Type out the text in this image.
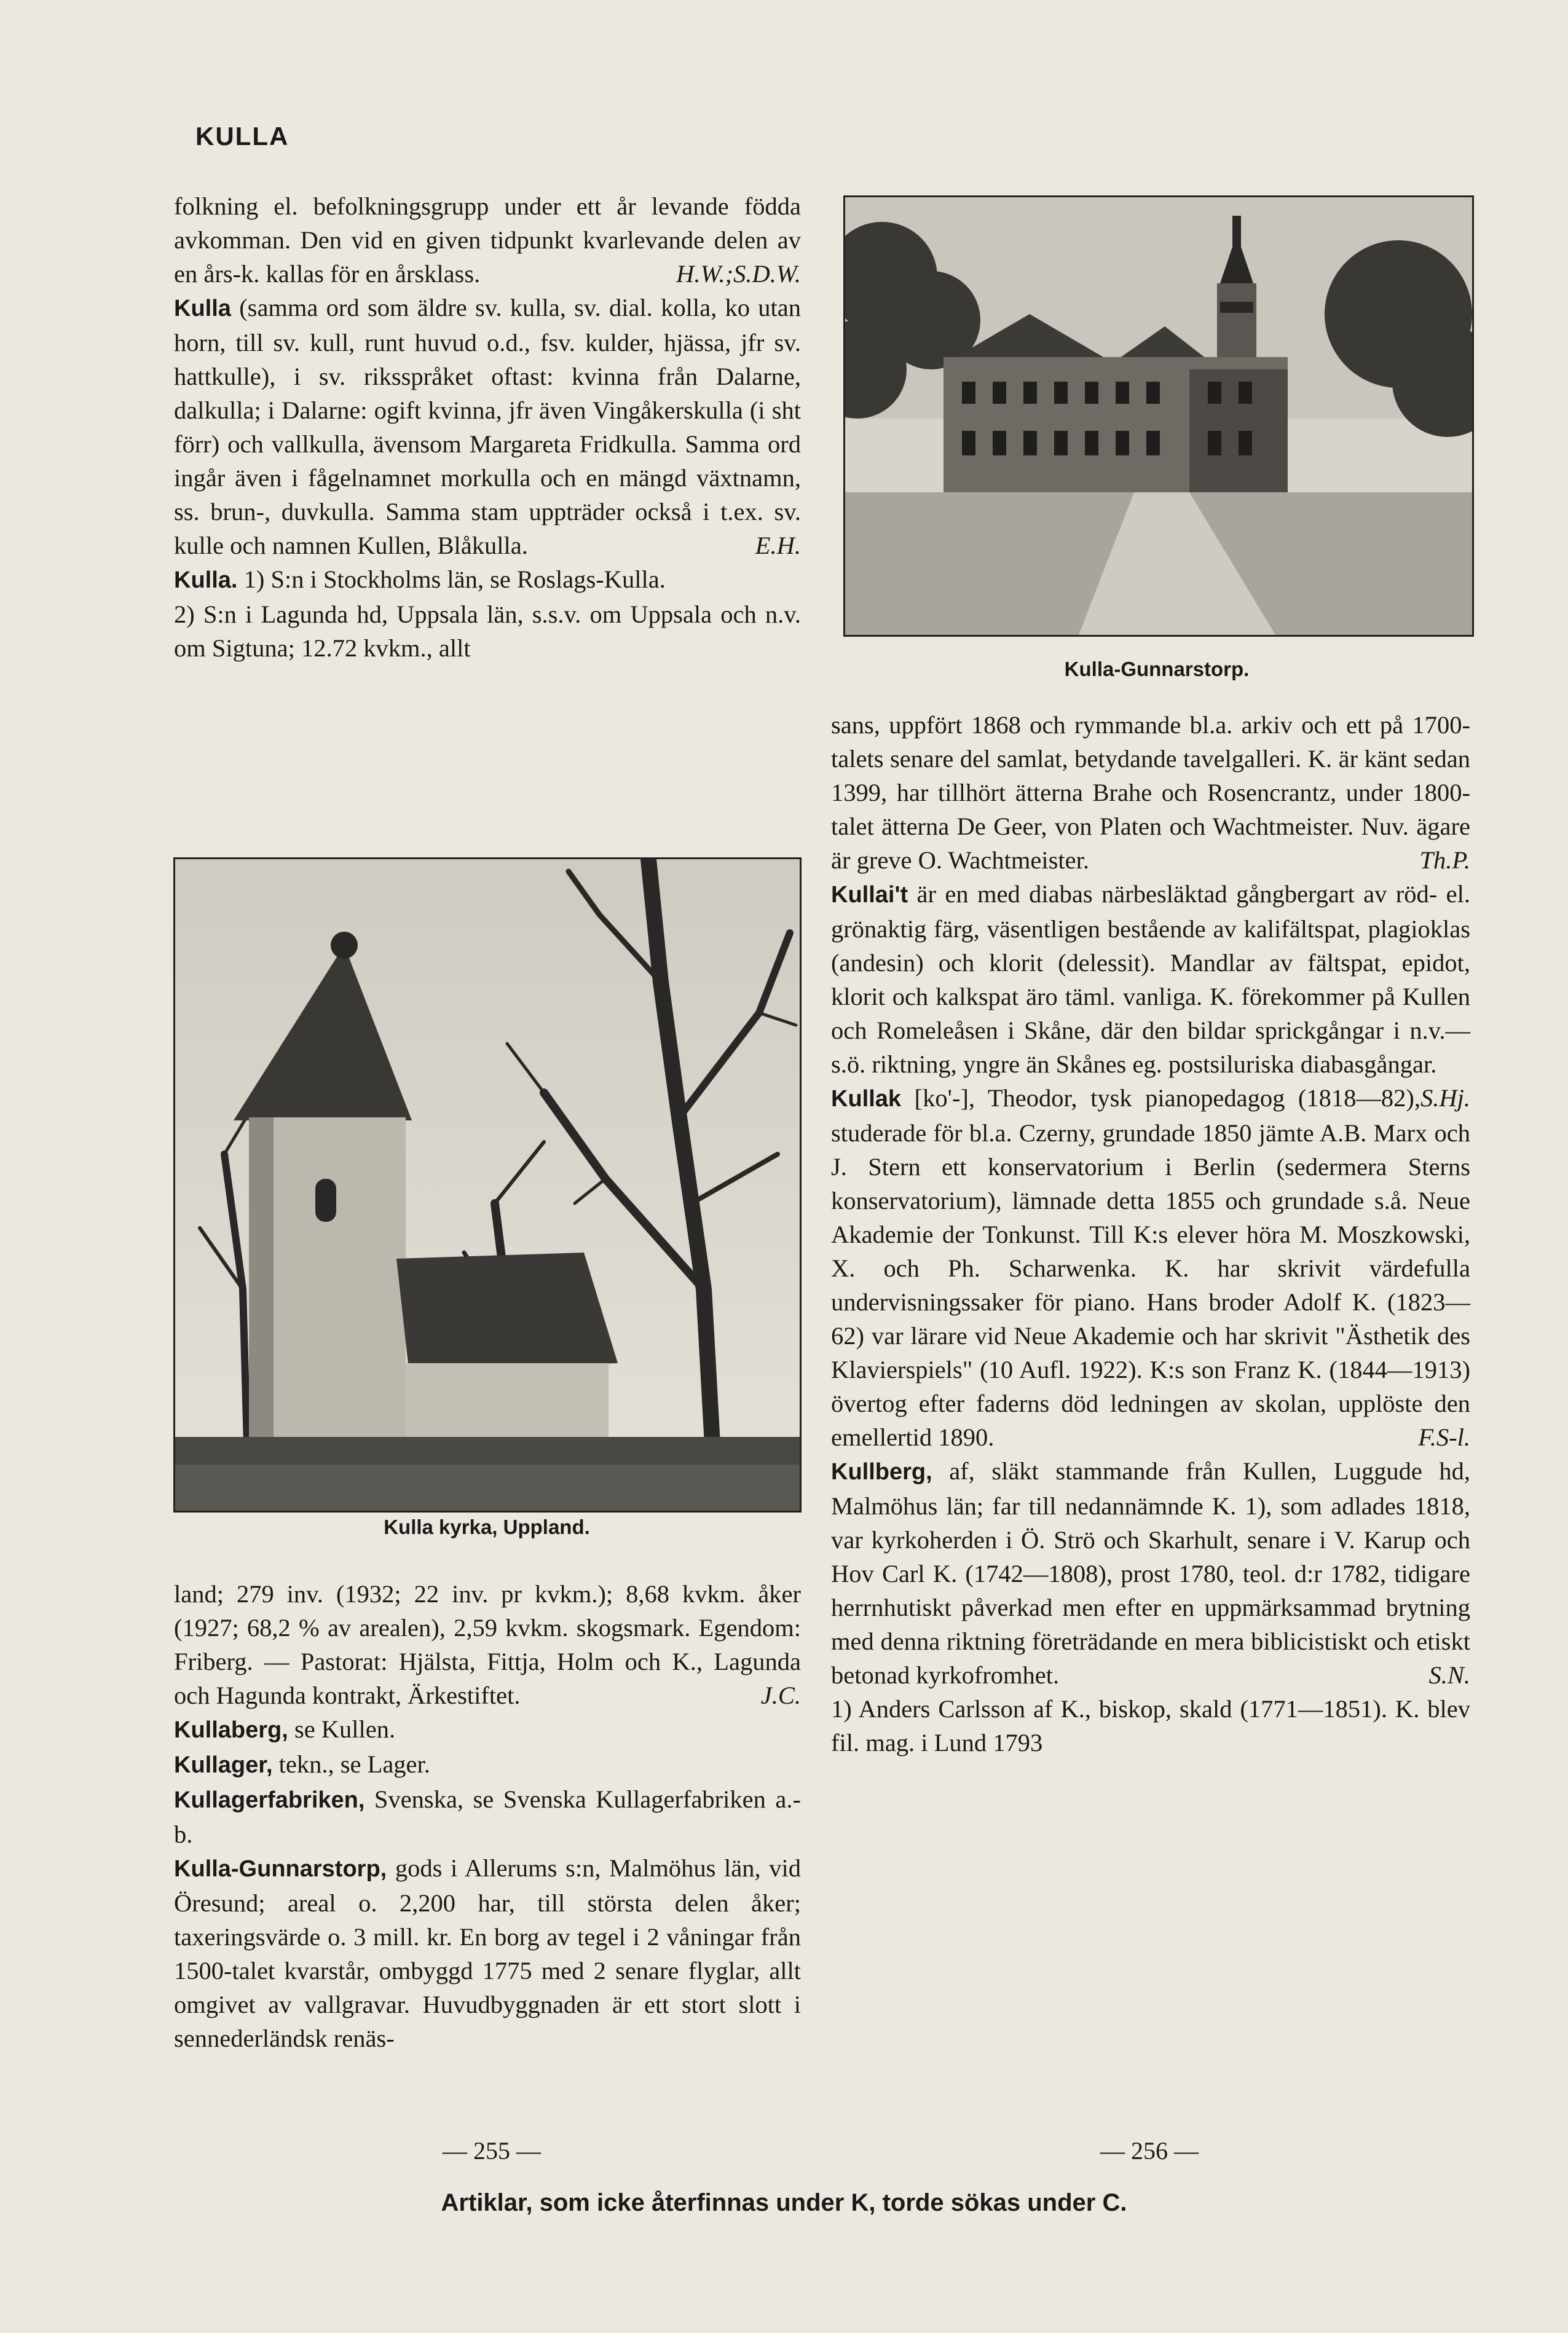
KULLA

folkning el. befolkningsgrupp under ett år levande födda avkomman. Den vid en given tidpunkt kvarlevande delen av en års-k. kallas för en årsklass.	H.W.;S.D.W.

Kulla (samma ord som äldre sv. kulla, sv. dial. kolla, ko utan horn, till sv. kull, runt huvud o.d., fsv. kulder, hjässa, jfr sv. hattkulle), i sv. riksspråket oftast: kvinna från Dalarne, dalkulla; i Dalarne: ogift kvinna, jfr även Vingåkerskulla (i sht förr) och vallkulla, ävensom Margareta Fridkulla. Samma ord ingår även i fågelnamnet morkulla och en mängd växtnamn, ss. brun-, duvkulla. Samma stam uppträder också i t.ex. sv. kulle och namnen Kullen, Blåkulla.	E.H.

Kulla. 1) S:n i Stockholms län, se Roslags-Kulla.

2) S:n i Lagunda hd, Uppsala län, s.s.v. om Uppsala och n.v. om Sigtuna; 12.72 kvkm., allt

Kulla kyrka, Uppland.

land; 279 inv. (1932; 22 inv. pr kvkm.); 8,68 kvkm. åker (1927; 68,2 % av arealen), 2,59 kvkm. skogsmark. Egendom: Friberg. — Pastorat: Hjälsta, Fittja, Holm och K., Lagunda och Hagunda kontrakt, Ärkestiftet.	J.C.

Kullaberg, se Kullen.

Kullager, tekn., se Lager.

Kullagerfabriken, Svenska, se Svenska Kullagerfabriken a.-b.

Kulla-Gunnarstorp, gods i Allerums s:n, Malmöhus län, vid Öresund; areal o. 2,200 har, till största delen åker; taxeringsvärde o. 3 mill. kr. En borg av tegel i 2 våningar från 1500-talet kvarstår, ombyggd 1775 med 2 senare flyglar, allt omgivet av vallgravar. Huvudbyggnaden är ett stort slott i sennederländsk renäs-

Kulla-Gunnarstorp.

sans, uppfört 1868 och rymmande bl.a. arkiv och ett på 1700-talets senare del samlat, betydande tavelgalleri. K. är känt sedan 1399, har tillhört ätterna Brahe och Rosencrantz, under 1800-talet ätterna De Geer, von Platen och Wachtmeister. Nuv. ägare är greve O. Wachtmeister.	Th.P.

Kullai't är en med diabas närbesläktad gångbergart av röd- el. grönaktig färg, väsentligen bestående av kalifältspat, plagioklas (andesin) och klorit (delessit). Mandlar av fältspat, epidot, klorit och kalkspat äro täml. vanliga. K. förekommer på Kullen och Romeleåsen i Skåne, där den bildar sprickgångar i n.v.—s.ö. riktning, yngre än Skånes eg. postsiluriska diabasgångar.
S.Hj.

Kullak [ko'-], Theodor, tysk pianopedagog (1818—82), studerade för bl.a. Czerny, grundade 1850 jämte A.B. Marx och J. Stern ett konservatorium i Berlin (sedermera Sterns konservatorium), lämnade detta 1855 och grundade s.å. Neue Akademie der Tonkunst. Till K:s elever höra M. Moszkowski, X. och Ph. Scharwenka. K. har skrivit värdefulla undervisningssaker för piano. Hans broder Adolf K. (1823—62) var lärare vid Neue Akademie och har skrivit "Ästhetik des Klavierspiels" (10 Aufl. 1922). K:s son Franz K. (1844—1913) övertog efter faderns död ledningen av skolan, upplöste den emellertid 1890.	F.S-l.

Kullberg, af, släkt stammande från Kullen, Luggude hd, Malmöhus län; far till nedannämnde K. 1), som adlades 1818, var kyrkoherden i Ö. Strö och Skarhult, senare i V. Karup och Hov Carl K. (1742—1808), prost 1780, teol. d:r 1782, tidigare herrnhutiskt påverkad men efter en uppmärksammad brytning med denna riktning företrädande en mera biblicistiskt och etiskt betonad kyrkofromhet.	S.N.

1) Anders Carlsson af K., biskop, skald (1771—1851). K. blev fil. mag. i Lund 1793

— 255 —	— 256 —
Artiklar, som icke återfinnas under K, torde sökas under C.
